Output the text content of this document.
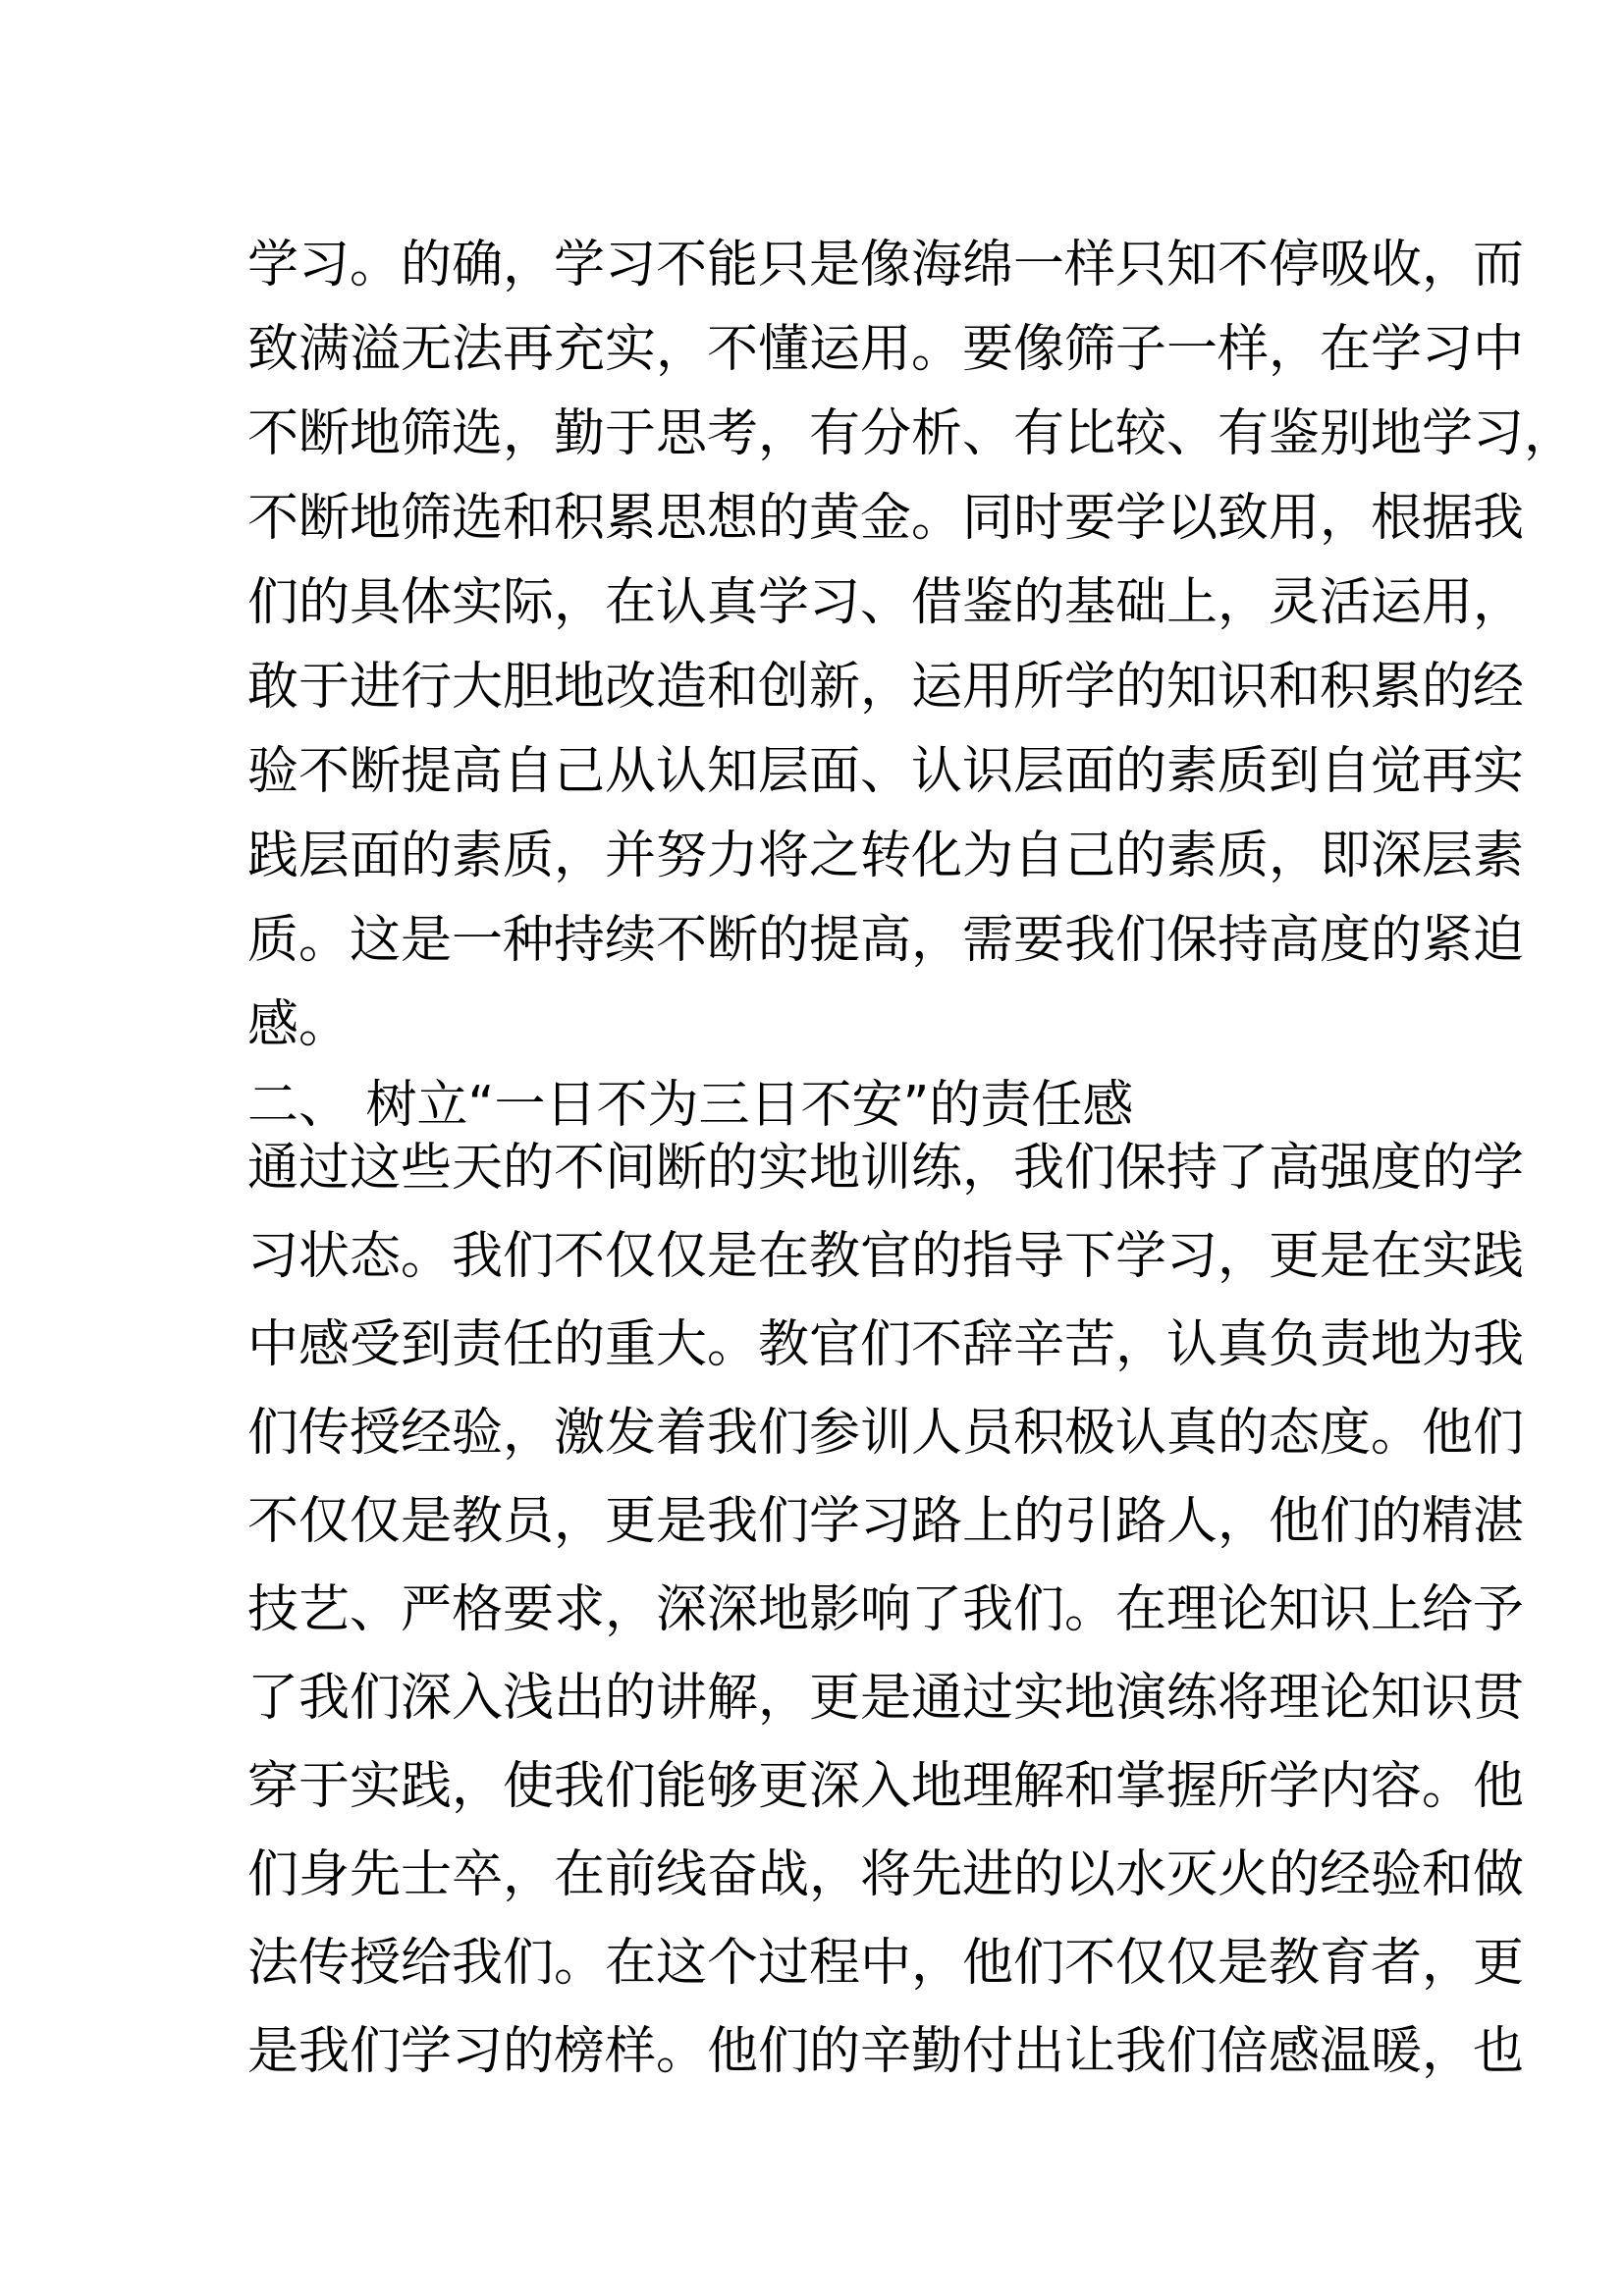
学习。的确，学习不能只是像海绵一样只知不停吸收，而
致满溢无法再充实，不懂运用。要像筛子一样，在学习中
不断地筛选，勤于思考，有分析、有比较、有鉴别地学习，
不断地筛选和积累思想的黄金。同时要学以致用，根据我
们的具体实际，在认真学习、借鉴的基础上，灵活运用，
敢于进行大胆地改造和创新，运用所学的知识和积累的经
验不断提高自己从认知层面、认识层面的素质到自觉再实
践层面的素质，并努力将之转化为自己的素质，即深层素
质。这是一种持续不断的提高，需要我们保持高度的紧迫
感。
二、 树立“一日不为三日不安”的责任感
通过这些天的不间断的实地训练，我们保持了高强度的学
习状态。我们不仅仅是在教官的指导下学习，更是在实践
中感受到责任的重大。教官们不辞辛苦，认真负责地为我
们传授经验，激发着我们参训人员积极认真的态度。他们
不仅仅是教员，更是我们学习路上的引路人，他们的精湛
技艺、严格要求，深深地影响了我们。在理论知识上给予
了我们深入浅出的讲解，更是通过实地演练将理论知识贯
穿于实践，使我们能够更深入地理解和掌握所学内容。他
们身先士卒，在前线奋战，将先进的以水灭火的经验和做
法传授给我们。在这个过程中，他们不仅仅是教育者，更
是我们学习的榜样。他们的辛勤付出让我们倍感温暖，也
